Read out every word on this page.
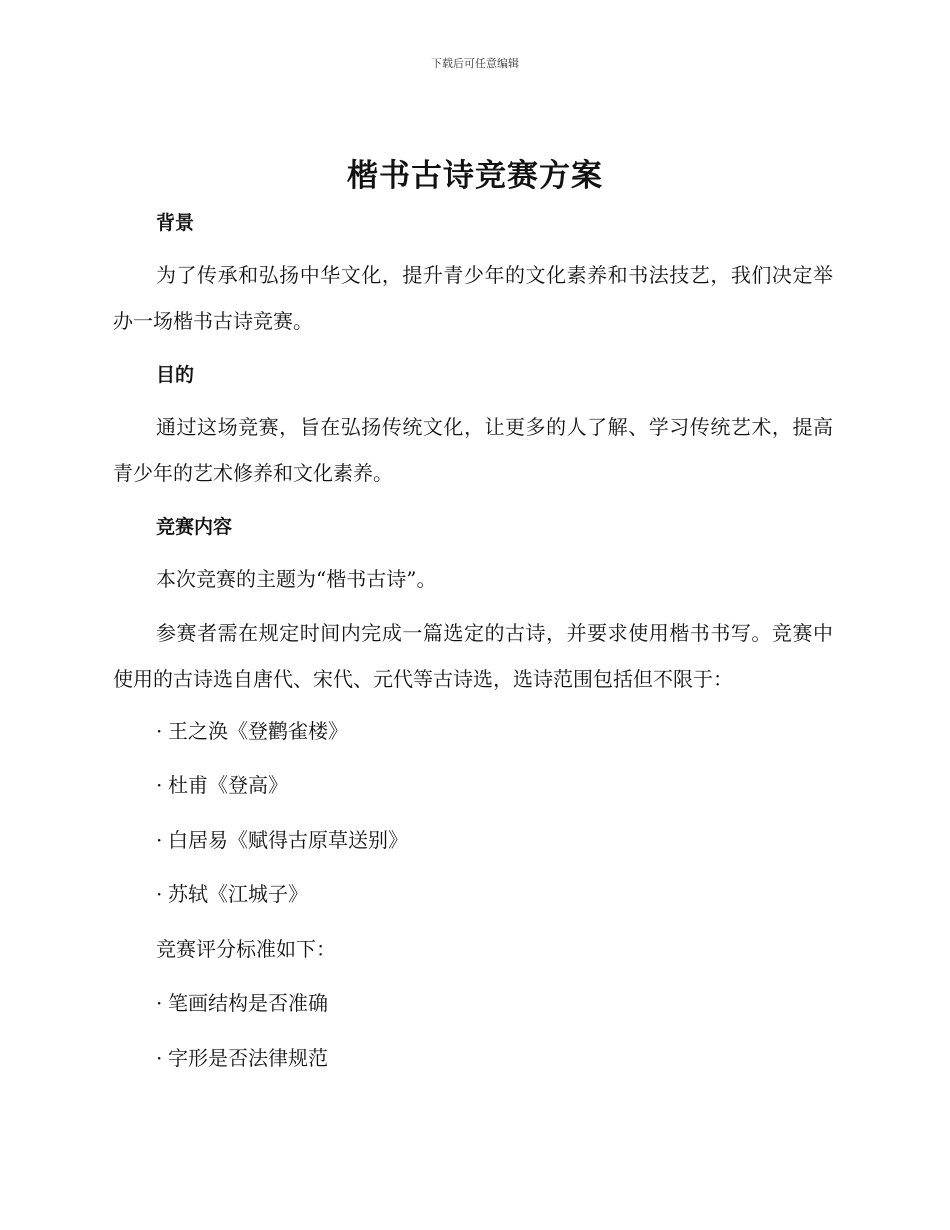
下载后可任意编辑
楷书古诗竞赛方案
背景

为了传承和弘扬中华文化，提升青少年的文化素养和书法技艺，我们决定举办一场楷书古诗竞赛。

目的

通过这场竞赛，旨在弘扬传统文化，让更多的人了解、学习传统艺术，提高青少年的艺术修养和文化素养。

竞赛内容

本次竞赛的主题为“楷书古诗”。

参赛者需在规定时间内完成一篇选定的古诗，并要求使用楷书书写。竞赛中使用的古诗选自唐代、宋代、元代等古诗选，选诗范围包括但不限于：

· 王之涣《登鹳雀楼》

· 杜甫《登高》

· 白居易《赋得古原草送别》

· 苏轼《江城子》

竞赛评分标准如下：

· 笔画结构是否准确

· 字形是否法律规范
